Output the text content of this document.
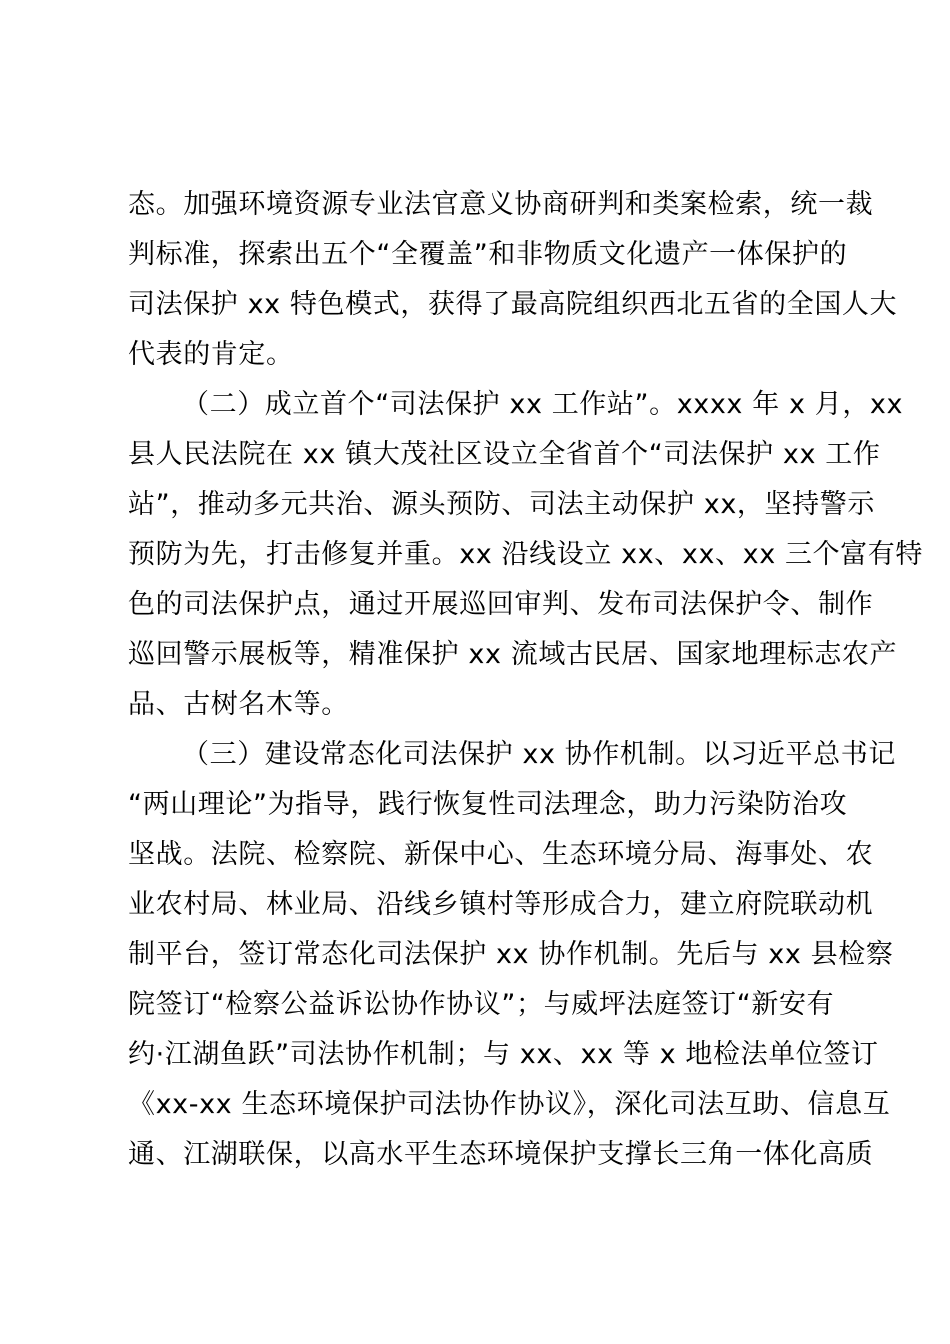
态。加强环境资源专业法官意义协商研判和类案检索，统一裁
判标准，探索出五个“全覆盖”和非物质文化遗产一体保护的
司法保护 xx 特色模式，获得了最高院组织西北五省的全国人大
代表的肯定。
（二）成立首个“司法保护 xx 工作站”。xxxx 年 x 月，xx
县人民法院在 xx 镇大茂社区设立全省首个“司法保护 xx 工作
站”，推动多元共治、源头预防、司法主动保护 xx，坚持警示
预防为先，打击修复并重。xx 沿线设立 xx、xx、xx 三个富有特
色的司法保护点，通过开展巡回审判、发布司法保护令、制作
巡回警示展板等，精准保护 xx 流域古民居、国家地理标志农产
品、古树名木等。
（三）建设常态化司法保护 xx 协作机制。以习近平总书记
“两山理论”为指导，践行恢复性司法理念，助力污染防治攻
坚战。法院、检察院、新保中心、生态环境分局、海事处、农
业农村局、林业局、沿线乡镇村等形成合力，建立府院联动机
制平台，签订常态化司法保护 xx 协作机制。先后与 xx 县检察
院签订“检察公益诉讼协作协议”；与威坪法庭签订“新安有
约·江湖鱼跃”司法协作机制；与 xx、xx 等 x 地检法单位签订
《xx-xx 生态环境保护司法协作协议》，深化司法互助、信息互
通、江湖联保，以高水平生态环境保护支撑长三角一体化高质
